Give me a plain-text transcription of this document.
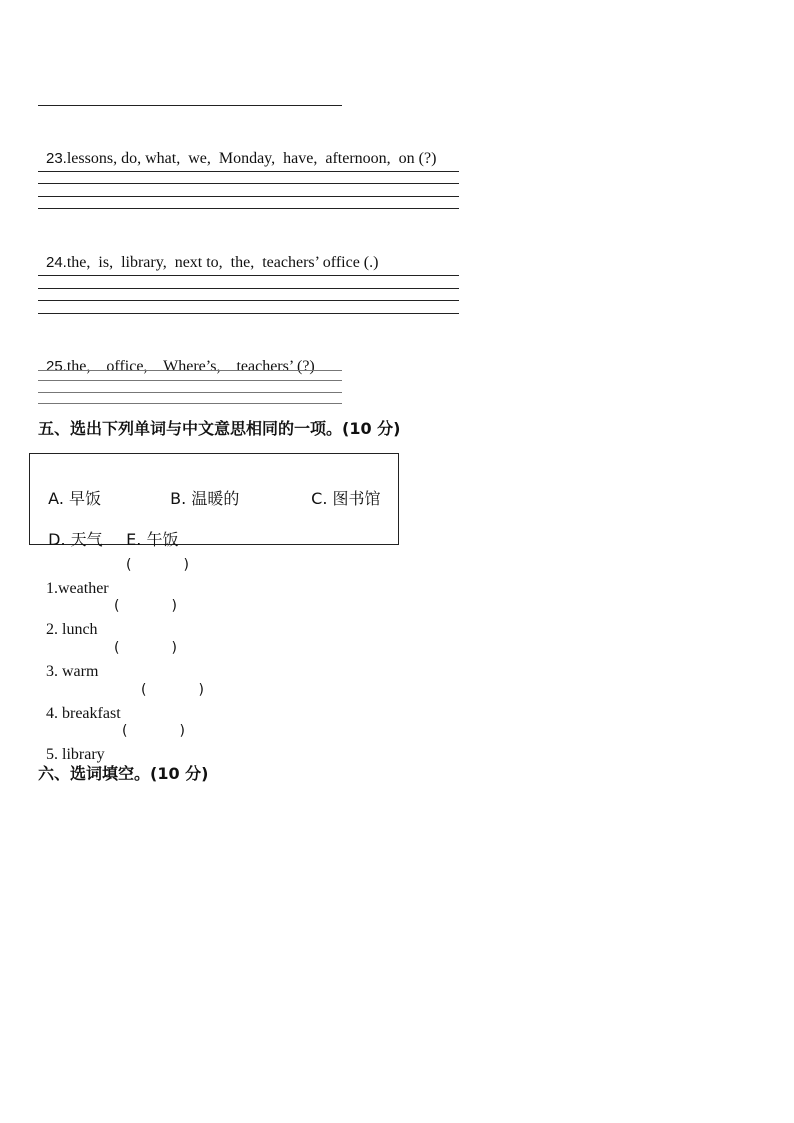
23.lessons, do, what,  we,  Monday,  have,  afternoon,  on (?)

24.the,  is,  library,  next to,  the,  teachers’ office (.)

25.the,    office,    Where’s,    teachers’ (?)

五、选出下列单词与中文意思相同的一项。(10 分)

A. 早饭	B. 温暖的	C. 图书馆

D. 天气	E. 午饭

1.weather

(	)

2. lunch

(	)

3. warm

(	)

4. breakfast

(	)

5. library

(	)
六、选词填空。(10 分)
